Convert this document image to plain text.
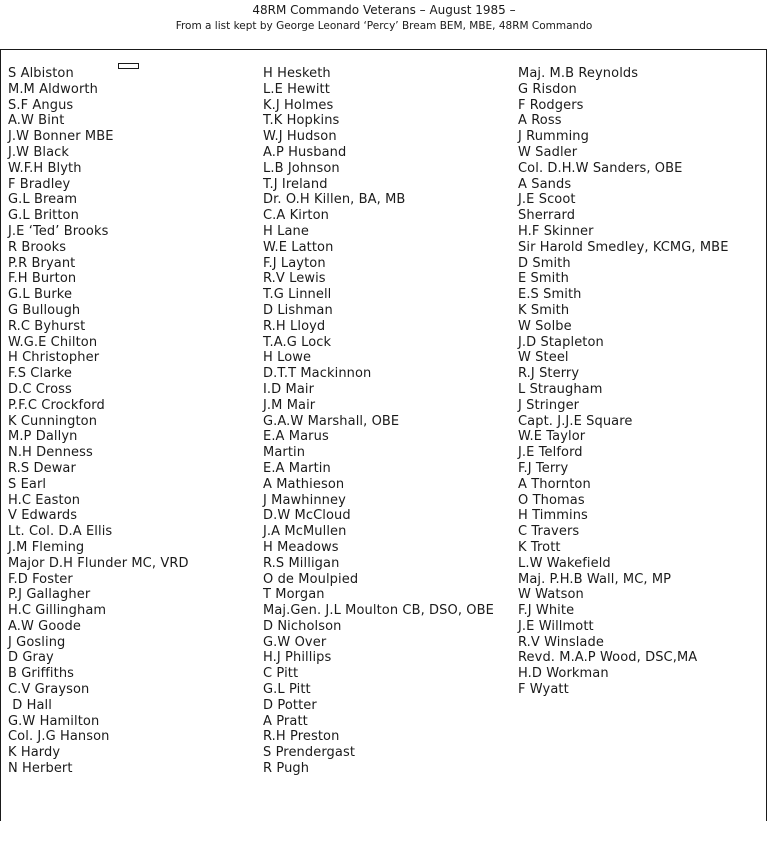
48RM Commando Veterans – August 1985 –

From a list kept by George Leonard ‘Percy’ Bream BEM, MBE, 48RM Commando

S Albiston
M.M Aldworth
S.F Angus
A.W Bint
J.W Bonner MBE
J.W Black
W.F.H Blyth
F Bradley
G.L Bream
G.L Britton
J.E ‘Ted’ Brooks
R Brooks
P.R Bryant
F.H Burton
G.L Burke
G Bullough
R.C Byhurst
W.G.E Chilton
H Christopher
F.S Clarke
D.C Cross
P.F.C Crockford
K Cunnington
M.P Dallyn
N.H Denness
R.S Dewar
S Earl
H.C Easton
V Edwards
Lt. Col. D.A Ellis
J.M Fleming
Major D.H Flunder MC, VRD
F.D Foster
P.J Gallagher
H.C Gillingham
A.W Goode
J Gosling
D Gray
B Griffiths
C.V Grayson
D Hall
G.W Hamilton
Col. J.G Hanson
K Hardy
N Herbert
H Hesketh
L.E Hewitt
K.J Holmes
T.K Hopkins
W.J Hudson
A.P Husband
L.B Johnson
T.J Ireland
Dr. O.H Killen, BA, MB
C.A Kirton
H Lane
W.E Latton
F.J Layton
R.V Lewis
T.G Linnell
D Lishman
R.H Lloyd
T.A.G Lock
H Lowe
D.T.T Mackinnon
I.D Mair
J.M Mair
G.A.W Marshall, OBE
E.A Marus
Martin
E.A Martin
A Mathieson
J Mawhinney
D.W McCloud
J.A McMullen
H Meadows
R.S Milligan
O de Moulpied
T Morgan
Maj.Gen. J.L Moulton CB, DSO, OBE
D Nicholson
G.W Over
H.J Phillips
C Pitt
G.L Pitt
D Potter
A Pratt
R.H Preston
S Prendergast
R Pugh
Maj. M.B Reynolds
G Risdon
F Rodgers
A Ross
J Rumming
W Sadler
Col. D.H.W Sanders, OBE
A Sands
J.E Scoot
Sherrard
H.F Skinner
Sir Harold Smedley, KCMG, MBE
D Smith
E Smith
E.S Smith
K Smith
W Solbe
J.D Stapleton
W Steel
R.J Sterry
L Straugham
J Stringer
Capt. J.J.E Square
W.E Taylor
J.E Telford
F.J Terry
A Thornton
O Thomas
H Timmins
C Travers
K Trott
L.W Wakefield
Maj. P.H.B Wall, MC, MP
W Watson
F.J White
J.E Willmott
R.V Winslade
Revd. M.A.P Wood, DSC,MA
H.D Workman
F Wyatt
